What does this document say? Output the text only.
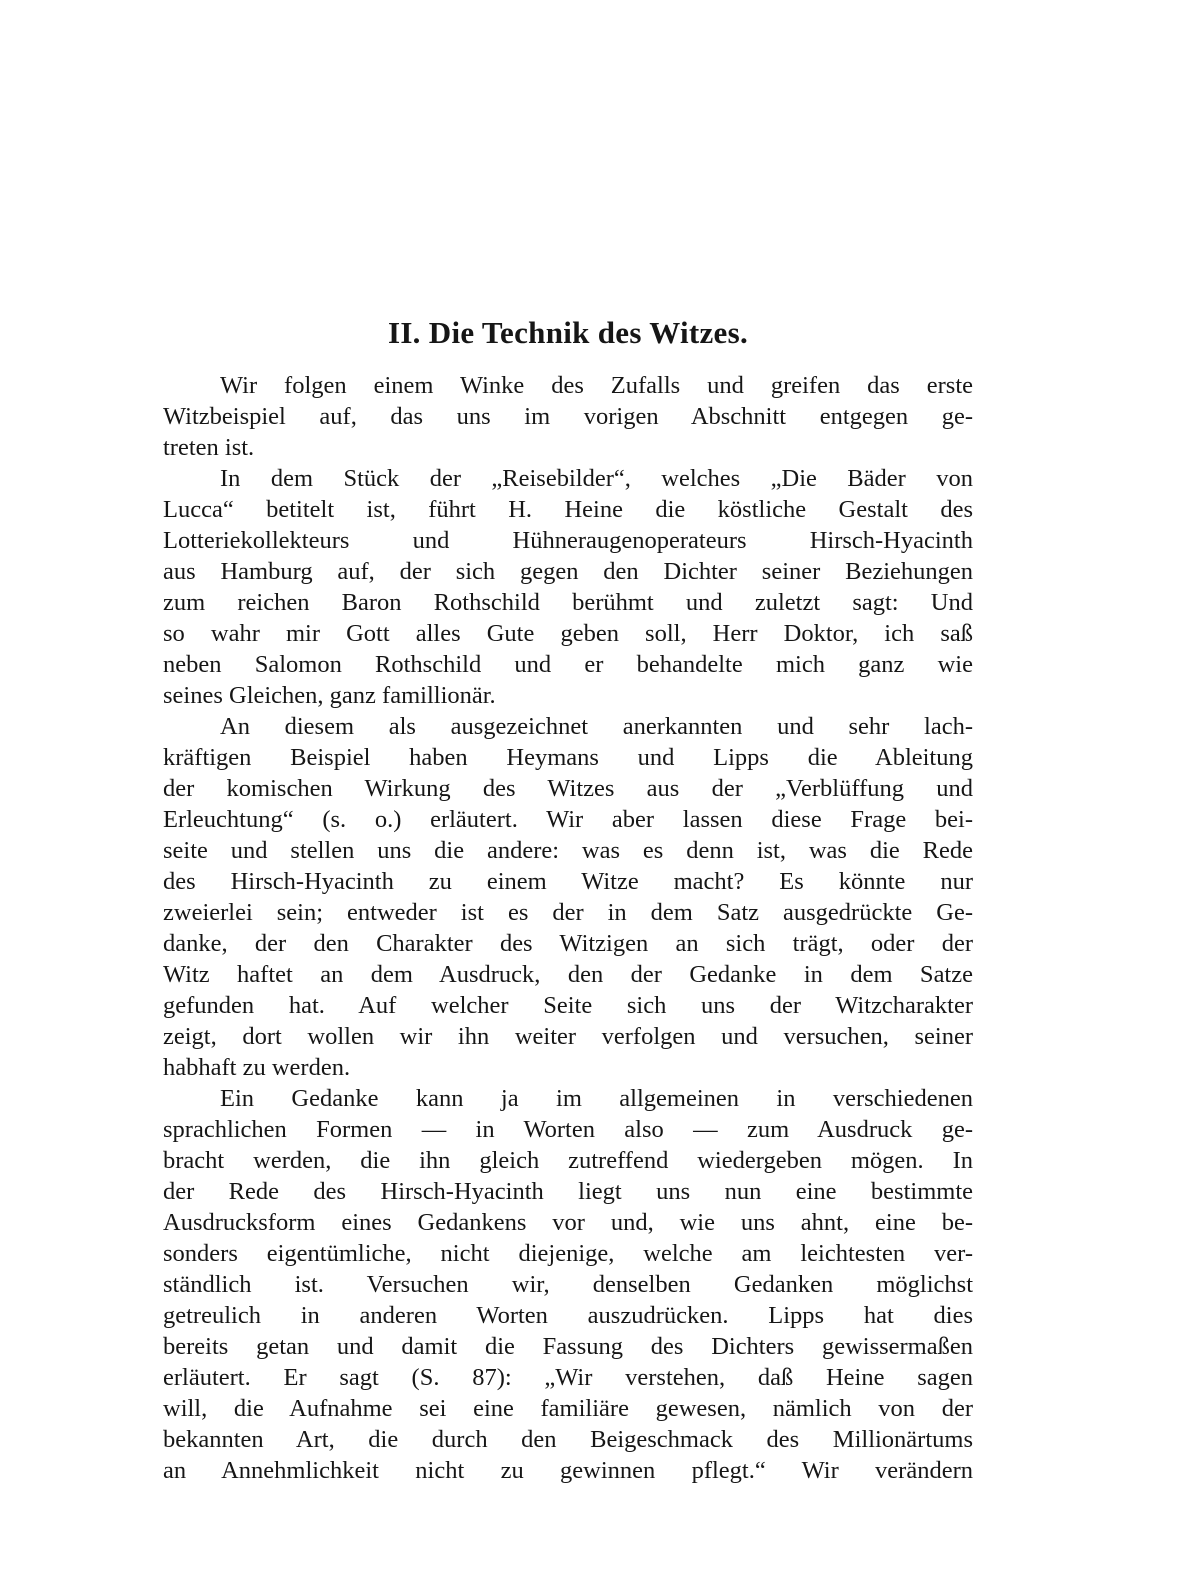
II. Die Technik des Witzes.
Wir folgen einem Winke des Zufalls und greifen das erste
Witzbeispiel auf, das uns im vorigen Abschnitt entgegen ge-
treten ist.
In dem Stück der „Reisebilder“, welches „Die Bäder von
Lucca“ betitelt ist, führt H. Heine die köstliche Gestalt des
Lotteriekollekteurs und Hühneraugenoperateurs Hirsch-Hyacinth
aus Hamburg auf, der sich gegen den Dichter seiner Beziehungen
zum reichen Baron Rothschild berühmt und zuletzt sagt: Und
so wahr mir Gott alles Gute geben soll, Herr Doktor, ich saß
neben Salomon Rothschild und er behandelte mich ganz wie
seines Gleichen, ganz famillionär.
An diesem als ausgezeichnet anerkannten und sehr lach-
kräftigen Beispiel haben Heymans und Lipps die Ableitung
der komischen Wirkung des Witzes aus der „Verblüffung und
Erleuchtung“ (s. o.) erläutert. Wir aber lassen diese Frage bei-
seite und stellen uns die andere: was es denn ist, was die Rede
des Hirsch-Hyacinth zu einem Witze macht? Es könnte nur
zweierlei sein; entweder ist es der in dem Satz ausgedrückte Ge-
danke, der den Charakter des Witzigen an sich trägt, oder der
Witz haftet an dem Ausdruck, den der Gedanke in dem Satze
gefunden hat. Auf welcher Seite sich uns der Witzcharakter
zeigt, dort wollen wir ihn weiter verfolgen und versuchen, seiner
habhaft zu werden.
Ein Gedanke kann ja im allgemeinen in verschiedenen
sprachlichen Formen — in Worten also — zum Ausdruck ge-
bracht werden, die ihn gleich zutreffend wiedergeben mögen. In
der Rede des Hirsch-Hyacinth liegt uns nun eine bestimmte
Ausdrucksform eines Gedankens vor und, wie uns ahnt, eine be-
sonders eigentümliche, nicht diejenige, welche am leichtesten ver-
ständlich ist. Versuchen wir, denselben Gedanken möglichst
getreulich in anderen Worten auszudrücken. Lipps hat dies
bereits getan und damit die Fassung des Dichters gewissermaßen
erläutert. Er sagt (S. 87): „Wir verstehen, daß Heine sagen
will, die Aufnahme sei eine familiäre gewesen, nämlich von der
bekannten Art, die durch den Beigeschmack des Millionärtums
an Annehmlichkeit nicht zu gewinnen pflegt.“ Wir verändern
